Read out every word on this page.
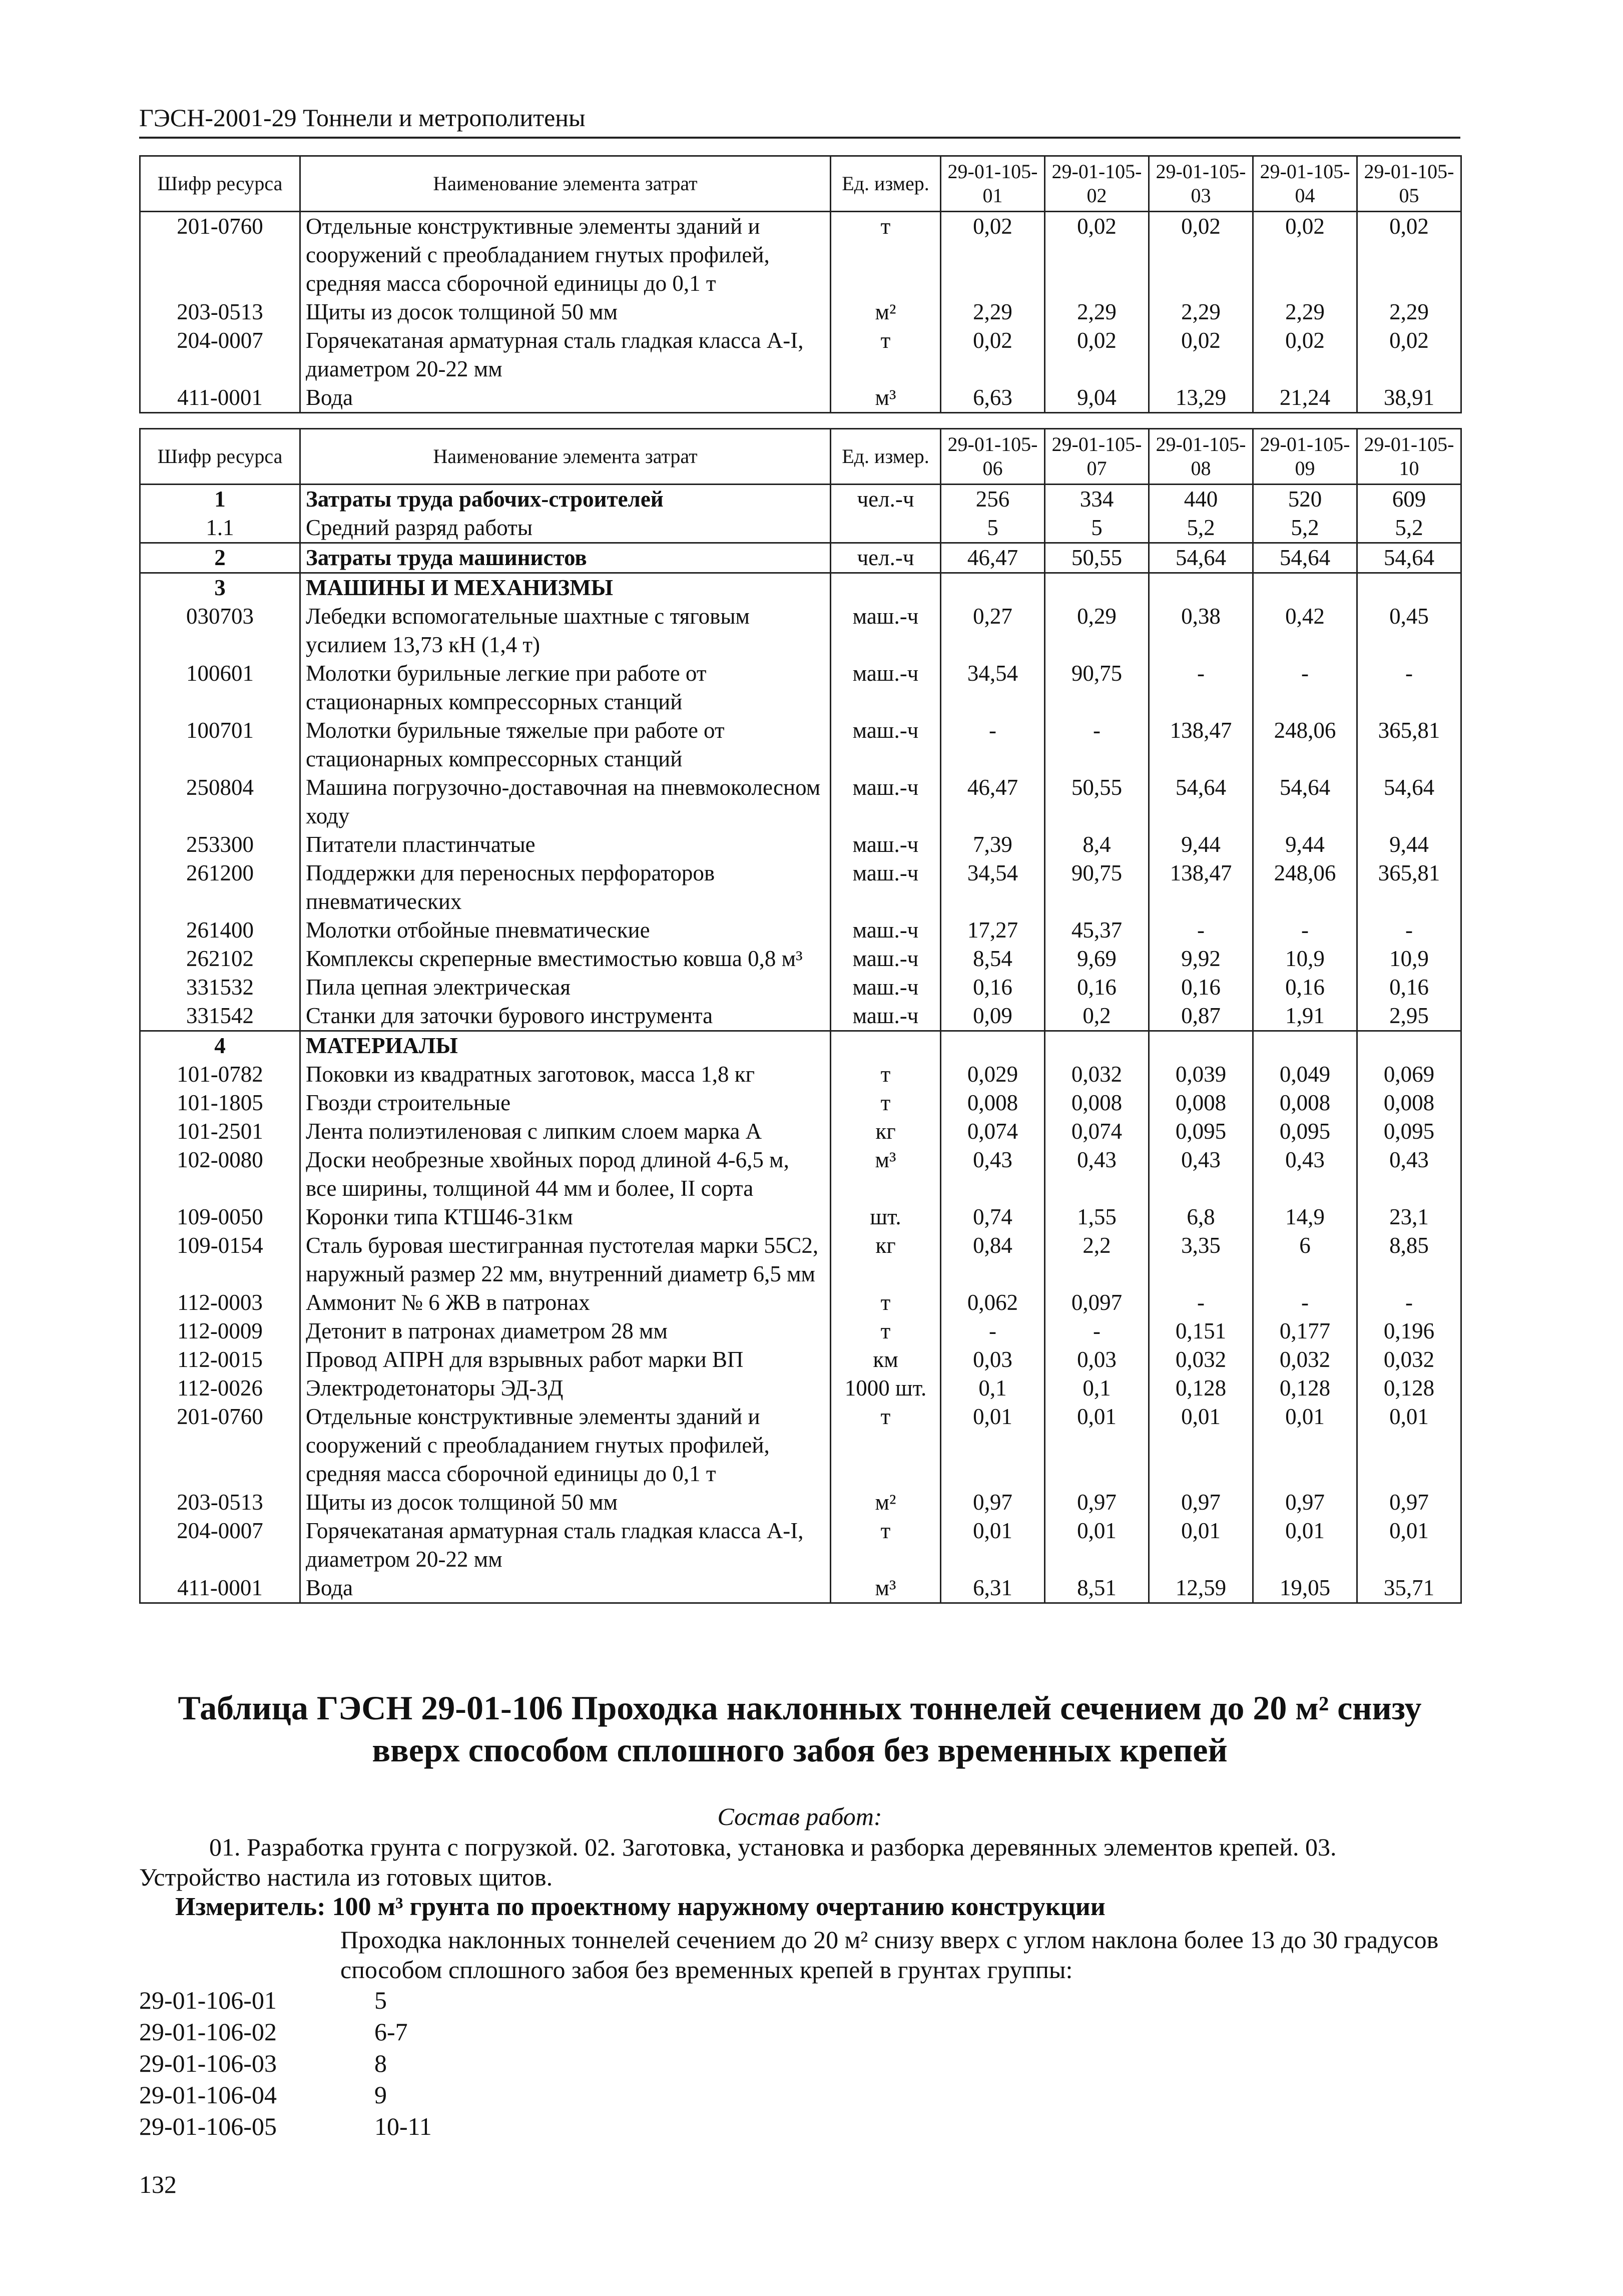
ГЭСН-2001-29 Тоннели и метрополитены
Шифр ресурса	Наименование элемента затрат	Ед. измер.	29-01-105-01	29-01-105-02	29-01-105-03	29-01-105-04	29-01-105-05
201-0760	Отдельные конструктивные элементы зданий и сооружений с преобладанием гнутых профилей, средняя масса сборочной единицы до 0,1 т	т	0,02	0,02	0,02	0,02	0,02
203-0513	Щиты из досок толщиной 50 мм	м²	2,29	2,29	2,29	2,29	2,29
204-0007	Горячекатаная арматурная сталь гладкая класса А-I, диаметром 20-22 мм	т	0,02	0,02	0,02	0,02	0,02
411-0001	Вода	м³	6,63	9,04	13,29	21,24	38,91
Шифр ресурса	Наименование элемента затрат	Ед. измер.	29-01-105-06	29-01-105-07	29-01-105-08	29-01-105-09	29-01-105-10
1	Затраты труда рабочих-строителей	чел.-ч	256	334	440	520	609
1.1	Средний разряд работы		5	5	5,2	5,2	5,2
2	Затраты труда машинистов	чел.-ч	46,47	50,55	54,64	54,64	54,64
3	МАШИНЫ И МЕХАНИЗМЫ						
030703	Лебедки вспомогательные шахтные с тяговым усилием 13,73 кН (1,4 т)	маш.-ч	0,27	0,29	0,38	0,42	0,45
100601	Молотки бурильные легкие при работе от стационарных компрессорных станций	маш.-ч	34,54	90,75	-	-	-
100701	Молотки бурильные тяжелые при работе от стационарных компрессорных станций	маш.-ч	-	-	138,47	248,06	365,81
250804	Машина погрузочно-доставочная на пневмоколесном ходу	маш.-ч	46,47	50,55	54,64	54,64	54,64
253300	Питатели пластинчатые	маш.-ч	7,39	8,4	9,44	9,44	9,44
261200	Поддержки для переносных перфораторов пневматических	маш.-ч	34,54	90,75	138,47	248,06	365,81
261400	Молотки отбойные пневматические	маш.-ч	17,27	45,37	-	-	-
262102	Комплексы скреперные вместимостью ковша 0,8 м³	маш.-ч	8,54	9,69	9,92	10,9	10,9
331532	Пила цепная электрическая	маш.-ч	0,16	0,16	0,16	0,16	0,16
331542	Станки для заточки бурового инструмента	маш.-ч	0,09	0,2	0,87	1,91	2,95
4	МАТЕРИАЛЫ						
101-0782	Поковки из квадратных заготовок, масса 1,8 кг	т	0,029	0,032	0,039	0,049	0,069
101-1805	Гвозди строительные	т	0,008	0,008	0,008	0,008	0,008
101-2501	Лента полиэтиленовая с липким слоем марка А	кг	0,074	0,074	0,095	0,095	0,095
102-0080	Доски необрезные хвойных пород длиной 4-6,5 м, все ширины, толщиной 44 мм и более, II сорта	м³	0,43	0,43	0,43	0,43	0,43
109-0050	Коронки типа КТШ46-31км	шт.	0,74	1,55	6,8	14,9	23,1
109-0154	Сталь буровая шестигранная пустотелая марки 55С2, наружный размер 22 мм, внутренний диаметр 6,5 мм	кг	0,84	2,2	3,35	6	8,85
112-0003	Аммонит № 6 ЖВ в патронах	т	0,062	0,097	-	-	-
112-0009	Детонит в патронах диаметром 28 мм	т	-	-	0,151	0,177	0,196
112-0015	Провод АПРН для взрывных работ марки ВП	км	0,03	0,03	0,032	0,032	0,032
112-0026	Электродетонаторы ЭД-3Д	1000 шт.	0,1	0,1	0,128	0,128	0,128
201-0760	Отдельные конструктивные элементы зданий и сооружений с преобладанием гнутых профилей, средняя масса сборочной единицы до 0,1 т	т	0,01	0,01	0,01	0,01	0,01
203-0513	Щиты из досок толщиной 50 мм	м²	0,97	0,97	0,97	0,97	0,97
204-0007	Горячекатаная арматурная сталь гладкая класса А-I, диаметром 20-22 мм	т	0,01	0,01	0,01	0,01	0,01
411-0001	Вода	м³	6,31	8,51	12,59	19,05	35,71
Таблица ГЭСН 29-01-106 Проходка наклонных тоннелей сечением до 20 м² снизу вверх способом сплошного забоя без временных крепей
Состав работ:
01. Разработка грунта с погрузкой. 02. Заготовка, установка и разборка деревянных элементов крепей. 03. Устройство настила из готовых щитов.
Измеритель: 100 м³ грунта по проектному наружному очертанию конструкции
Проходка наклонных тоннелей сечением до 20 м² снизу вверх с углом наклона более 13 до 30 градусов способом сплошного забоя без временных крепей в грунтах группы:
29-01-106-01	5
29-01-106-02	6-7
29-01-106-03	8
29-01-106-04	9
29-01-106-05	10-11
132
